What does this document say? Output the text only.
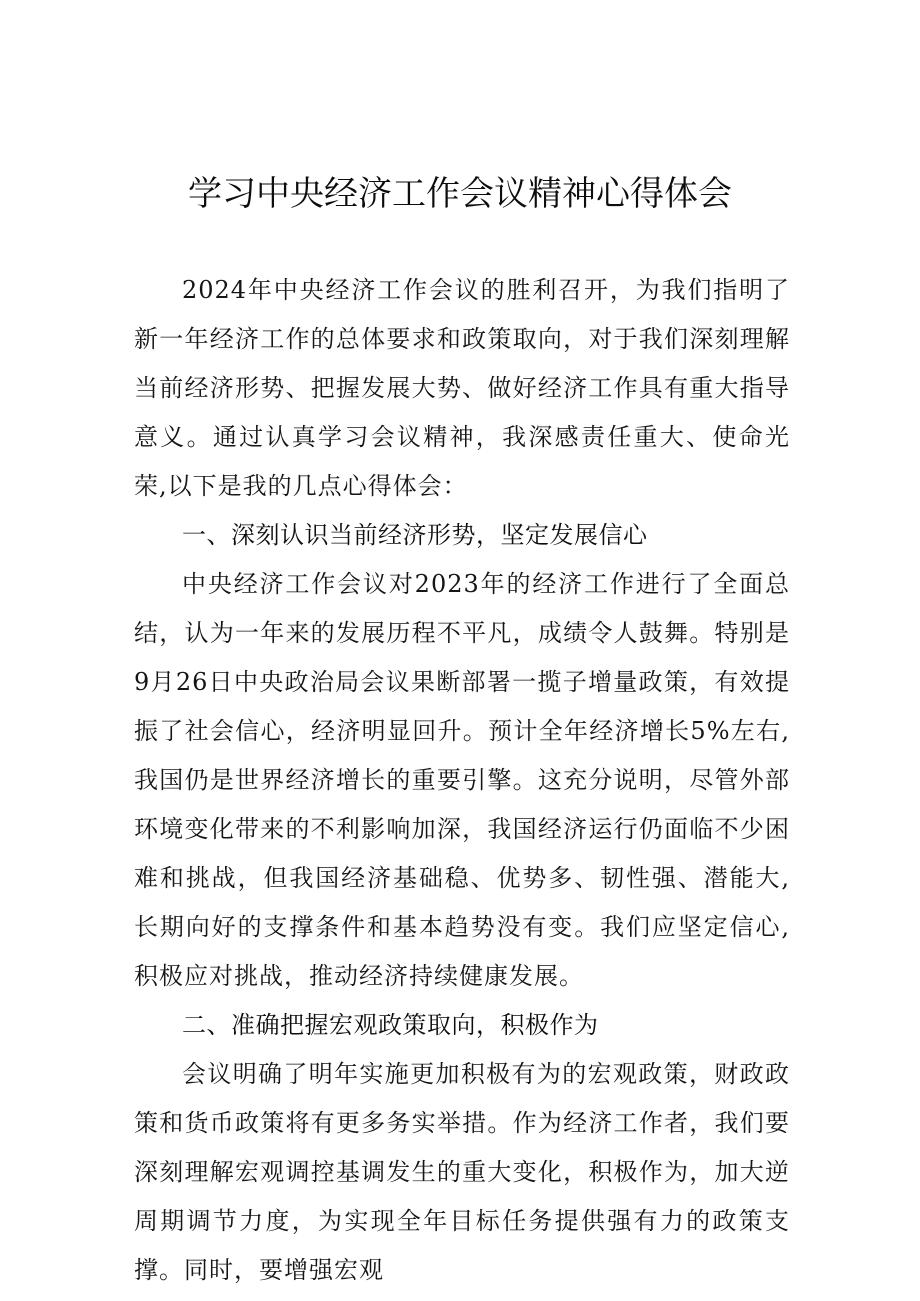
学习中央经济工作会议精神心得体会

2024年中央经济工作会议的胜利召开，为我们指明了新一年经济工作的总体要求和政策取向，对于我们深刻理解当前经济形势、把握发展大势、做好经济工作具有重大指导意义。通过认真学习会议精神，我深感责任重大、使命光荣,以下是我的几点心得体会：

一、深刻认识当前经济形势，坚定发展信心

中央经济工作会议对2023年的经济工作进行了全面总结，认为一年来的发展历程不平凡，成绩令人鼓舞。特别是9月26日中央政治局会议果断部署一揽子增量政策，有效提振了社会信心，经济明显回升。预计全年经济增长5%左右,我国仍是世界经济增长的重要引擎。这充分说明，尽管外部环境变化带来的不利影响加深，我国经济运行仍面临不少困难和挑战，但我国经济基础稳、优势多、韧性强、潜能大,长期向好的支撑条件和基本趋势没有变。我们应坚定信心,积极应对挑战，推动经济持续健康发展。

二、准确把握宏观政策取向，积极作为

会议明确了明年实施更加积极有为的宏观政策，财政政策和货币政策将有更多务实举措。作为经济工作者，我们要深刻理解宏观调控基调发生的重大变化，积极作为，加大逆周期调节力度，为实现全年目标任务提供强有力的政策支撑。同时，要增强宏观
